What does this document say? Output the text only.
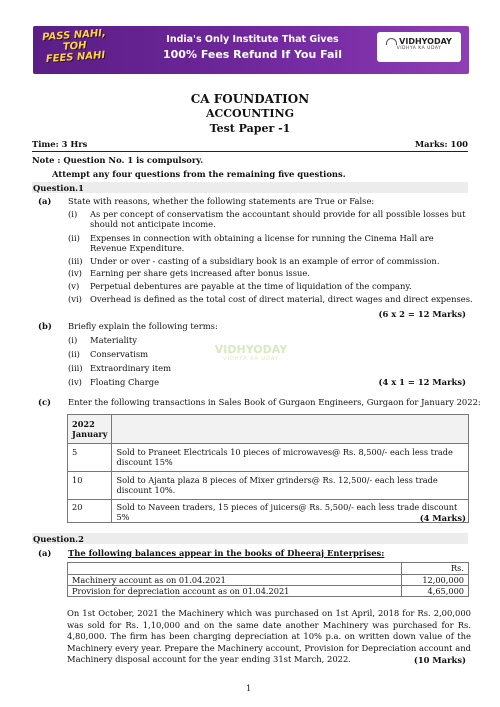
PASS NAHI,
TOH
FEES NAHI
India's Only Institute That Gives
100% Fees Refund If You Fail
VIDHYODAY
VIDHYA KA UDAY
CA FOUNDATION
ACCOUNTING
Test Paper -1
Time: 3 Hrs	Marks: 100
Note : Question No. 1 is compulsory.
Attempt any four questions from the remaining five questions.
Question.1
(a) State with reasons, whether the following statements are True or False:
(i) As per concept of conservatism the accountant should provide for all possible losses but should not anticipate income.
(ii) Expenses in connection with obtaining a license for running the Cinema Hall are Revenue Expenditure.
(iii) Under or over - casting of a subsidiary book is an example of error of commission.
(iv) Earning per share gets increased after bonus issue.
(v) Perpetual debentures are payable at the time of liquidation of the company.
(vi) Overhead is defined as the total cost of direct material, direct wages and direct expenses.
(6 x 2 = 12 Marks)
(b) Briefly explain the following terms:
(i) Materiality
(ii) Conservatism
(iii) Extraordinary item
(iv) Floating Charge	(4 x 1 = 12 Marks)
VIDHYODAY
VIDHYA KA UDAY
(c) Enter the following transactions in Sales Book of Gurgaon Engineers, Gurgaon for January 2022:
2022
January	

5	Sold to Praneet Electricals 10 pieces of microwaves@ Rs. 8,500/- each less trade discount 15%
10	Sold to Ajanta plaza 8 pieces of Mixer grinders@ Rs. 12,500/- each less trade discount 10%.
20	Sold to Naveen traders, 15 pieces of juicers@ Rs. 5,500/- each less trade discount 5%	(4 Marks)
Question.2
(a) The following balances appear in the books of Dheeraj Enterprises:
	Rs.
Machinery account as on 01.04.2021	12,00,000
Provision for depreciation account as on 01.04.2021	4,65,000
On 1st October, 2021 the Machinery which was purchased on 1st April, 2018 for Rs. 2,00,000 was sold for Rs. 1,10,000 and on the same date another Machinery was purchased for Rs. 4,80,000. The firm has been charging depreciation at 10% p.a. on written down value of the Machinery every year. Prepare the Machinery account, Provision for Depreciation account and Machinery disposal account for the year ending 31st March, 2022.	(10 Marks)
1
